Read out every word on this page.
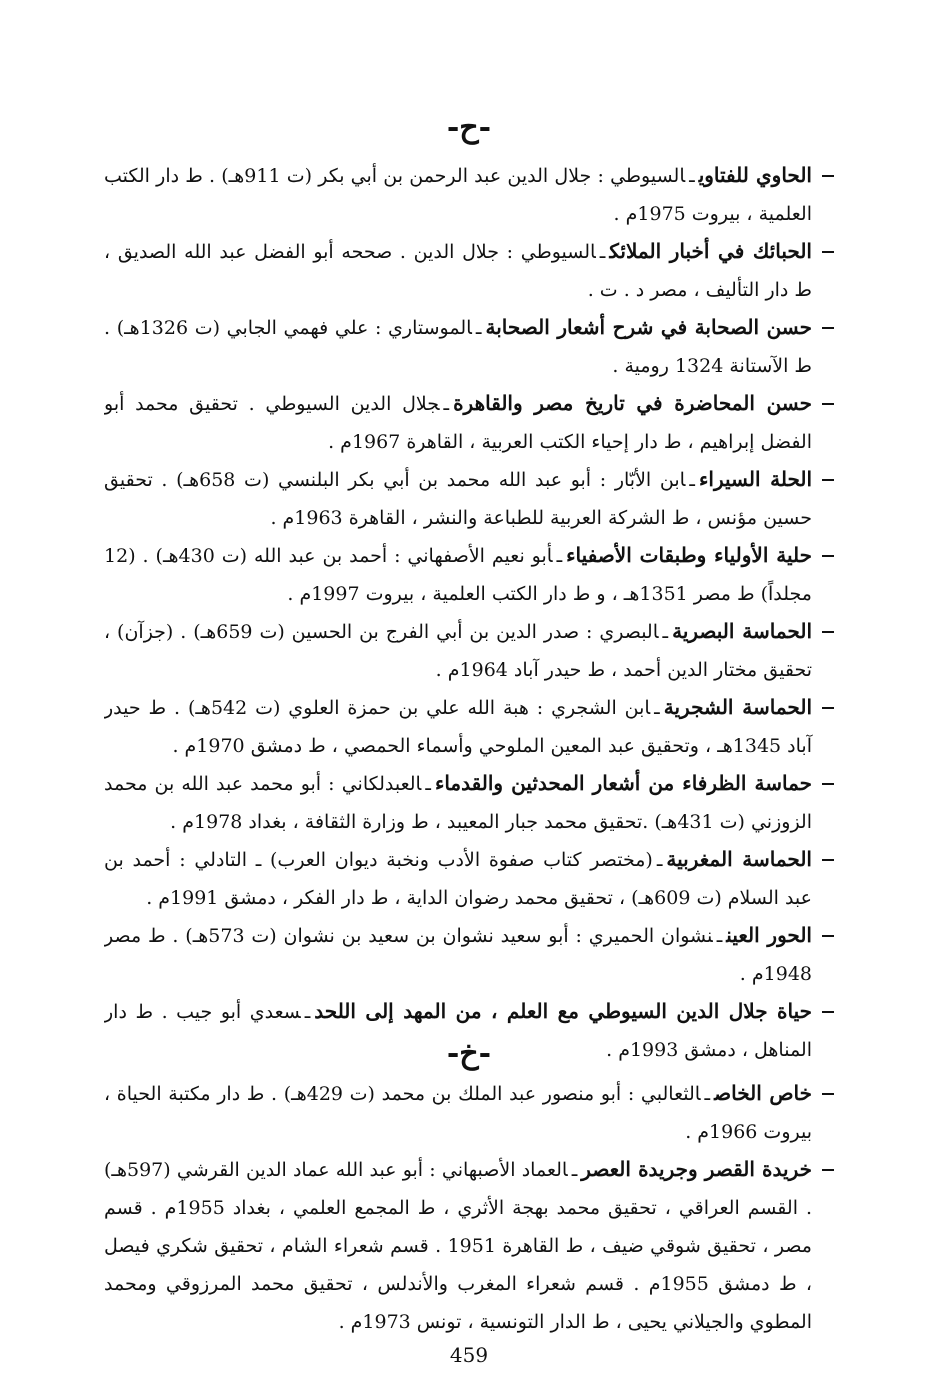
-ح-
الحاوي للفتاويـالسيوطي : جلال الدين عبد الرحمن بن أبي بكر (ت 911هـ) . ط دار الكتب العلمية ، بيروت 1975م .
الحبائك في أخبار الملائكـالسيوطي : جلال الدين . صححه أبو الفضل عبد الله الصديق ، ط دار التأليف ، مصر د . ت .
حسن الصحابة في شرح أشعار الصحابةـالموستاري : علي فهمي الجابي (ت 1326هـ) . ط الآستانة 1324 رومية .
حسن المحاضرة في تاريخ مصر والقاهرةـجلال الدين السيوطي . تحقيق محمد أبو الفضل إبراهيم ، ط دار إحياء الكتب العربية ، القاهرة 1967م .
الحلة السيراءـابن الأبّار : أبو عبد الله محمد بن أبي بكر البلنسي (ت 658هـ) . تحقيق حسين مؤنس ، ط الشركة العربية للطباعة والنشر ، القاهرة 1963م .
حلية الأولياء وطبقات الأصفياءـأبو نعيم الأصفهاني : أحمد بن عبد الله (ت 430هـ) . (12 مجلداً) ط مصر 1351هـ ، و ط دار الكتب العلمية ، بيروت 1997م .
الحماسة البصريةـالبصري : صدر الدين بن أبي الفرج بن الحسين (ت 659هـ) . (جزآن) ، تحقيق مختار الدين أحمد ، ط حيدر آباد 1964م .
الحماسة الشجريةـابن الشجري : هبة الله علي بن حمزة العلوي (ت 542هـ) . ط حيدر آباد 1345هـ ، وتحقيق عبد المعين الملوحي وأسماء الحمصي ، ط دمشق 1970م .
حماسة الظرفاء من أشعار المحدثين والقدماءـالعبدلكاني : أبو محمد عبد الله بن محمد الزوزني (ت 431هـ) .تحقيق محمد جبار المعيبد ، ط وزارة الثقافة ، بغداد 1978م .
الحماسة المغربيةـ(مختصر كتاب صفوة الأدب ونخبة ديوان العرب) ـ التادلي : أحمد بن عبد السلام (ت 609هـ) ، تحقيق محمد رضوان الداية ، ط دار الفكر ، دمشق 1991م .
الحور العينـنشوان الحميري : أبو سعيد نشوان بن سعيد بن نشوان (ت 573هـ) . ط مصر 1948م .
حياة جلال الدين السيوطي مع العلم ، من المهد إلى اللحدـسعدي أبو جيب . ط دار المناهل ، دمشق 1993م .
-خ-
خاص الخاصـالثعالبي : أبو منصور عبد الملك بن محمد (ت 429هـ) . ط دار مكتبة الحياة ، بيروت 1966م .
خريدة القصر وجريدة العصرـالعماد الأصبهاني : أبو عبد الله عماد الدين القرشي (597هـ) . القسم العراقي ، تحقيق محمد بهجة الأثري ، ط المجمع العلمي ، بغداد 1955م . قسم مصر ، تحقيق شوقي ضيف ، ط القاهرة 1951 . قسم شعراء الشام ، تحقيق شكري فيصل ، ط دمشق 1955م . قسم شعراء المغرب والأندلس ، تحقيق محمد المرزوقي ومحمد المطوي والجيلاني يحيى ، ط الدار التونسية ، تونس 1973م .
459
